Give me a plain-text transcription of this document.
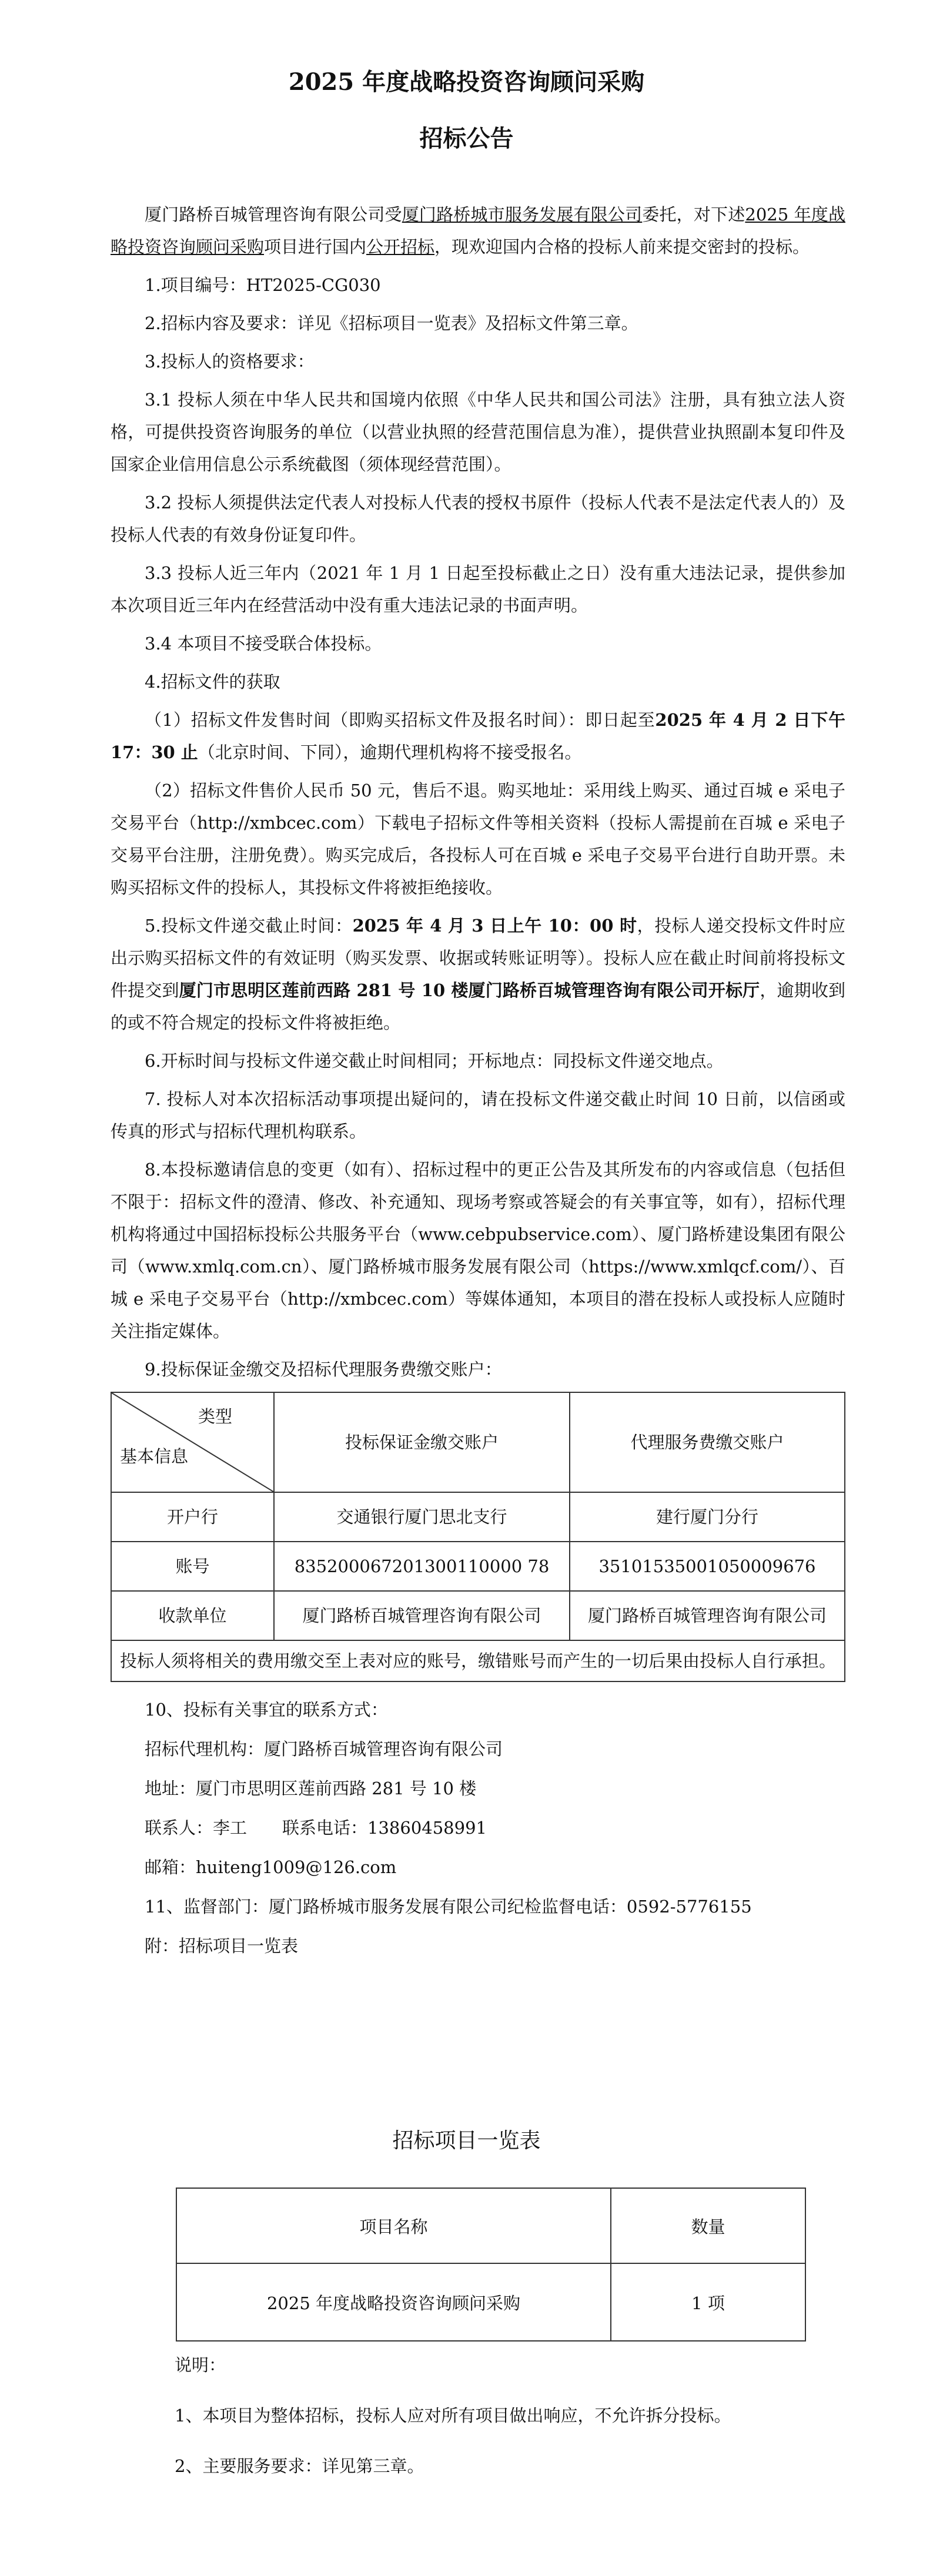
2025 年度战略投资咨询顾问采购
招标公告

厦门路桥百城管理咨询有限公司受厦门路桥城市服务发展有限公司委托，对下述2025 年度战略投资咨询顾问采购项目进行国内公开招标，现欢迎国内合格的投标人前来提交密封的投标。

1.项目编号：HT2025-CG030

2.招标内容及要求：详见《招标项目一览表》及招标文件第三章。

3.投标人的资格要求：

3.1 投标人须在中华人民共和国境内依照《中华人民共和国公司法》注册，具有独立法人资格，可提供投资咨询服务的单位（以营业执照的经营范围信息为准），提供营业执照副本复印件及国家企业信用信息公示系统截图（须体现经营范围）。

3.2 投标人须提供法定代表人对投标人代表的授权书原件（投标人代表不是法定代表人的）及投标人代表的有效身份证复印件。

3.3 投标人近三年内（2021 年 1 月 1 日起至投标截止之日）没有重大违法记录，提供参加本次项目近三年内在经营活动中没有重大违法记录的书面声明。

3.4 本项目不接受联合体投标。

4.招标文件的获取

（1）招标文件发售时间（即购买招标文件及报名时间）：即日起至2025 年 4 月 2 日下午 17：30 止（北京时间、下同），逾期代理机构将不接受报名。

（2）招标文件售价人民币 50 元，售后不退。购买地址：采用线上购买、通过百城 e 采电子交易平台（http://xmbcec.com）下载电子招标文件等相关资料（投标人需提前在百城 e 采电子交易平台注册，注册免费）。购买完成后，各投标人可在百城 e 采电子交易平台进行自助开票。未购买招标文件的投标人，其投标文件将被拒绝接收。

5.投标文件递交截止时间：2025 年 4 月 3 日上午 10：00 时，投标人递交投标文件时应出示购买招标文件的有效证明（购买发票、收据或转账证明等）。投标人应在截止时间前将投标文件提交到厦门市思明区莲前西路 281 号 10 楼厦门路桥百城管理咨询有限公司开标厅，逾期收到的或不符合规定的投标文件将被拒绝。

6.开标时间与投标文件递交截止时间相同；开标地点：同投标文件递交地点。

7. 投标人对本次招标活动事项提出疑问的，请在投标文件递交截止时间 10 日前，以信函或传真的形式与招标代理机构联系。

8.本投标邀请信息的变更（如有）、招标过程中的更正公告及其所发布的内容或信息（包括但不限于：招标文件的澄清、修改、补充通知、现场考察或答疑会的有关事宜等，如有），招标代理机构将通过中国招标投标公共服务平台（www.cebpubservice.com）、厦门路桥建设集团有限公司（www.xmlq.com.cn）、厦门路桥城市服务发展有限公司（https://www.xmlqcf.com/）、百城 e 采电子交易平台（http://xmbcec.com）等媒体通知，本项目的潜在投标人或投标人应随时关注指定媒体。

9.投标保证金缴交及招标代理服务费缴交账户：

类型
基本信息	投标保证金缴交账户	代理服务费缴交账户
开户行	交通银行厦门思北支行	建行厦门分行
账号	835200067201300110000 78	35101535001050009676
收款单位	厦门路桥百城管理咨询有限公司	厦门路桥百城管理咨询有限公司
投标人须将相关的费用缴交至上表对应的账号，缴错账号而产生的一切后果由投标人自行承担。		

10、投标有关事宜的联系方式：

招标代理机构：厦门路桥百城管理咨询有限公司

地址：厦门市思明区莲前西路 281 号 10 楼

联系人：李工 联系电话：13860458991

邮箱：huiteng1009@126.com

11、监督部门：厦门路桥城市服务发展有限公司纪检监督电话：0592-5776155

附：招标项目一览表

招标项目一览表
项目名称	数量
2025 年度战略投资咨询顾问采购	1 项

说明：

1、本项目为整体招标，投标人应对所有项目做出响应，不允许拆分投标。

2、主要服务要求：详见第三章。
